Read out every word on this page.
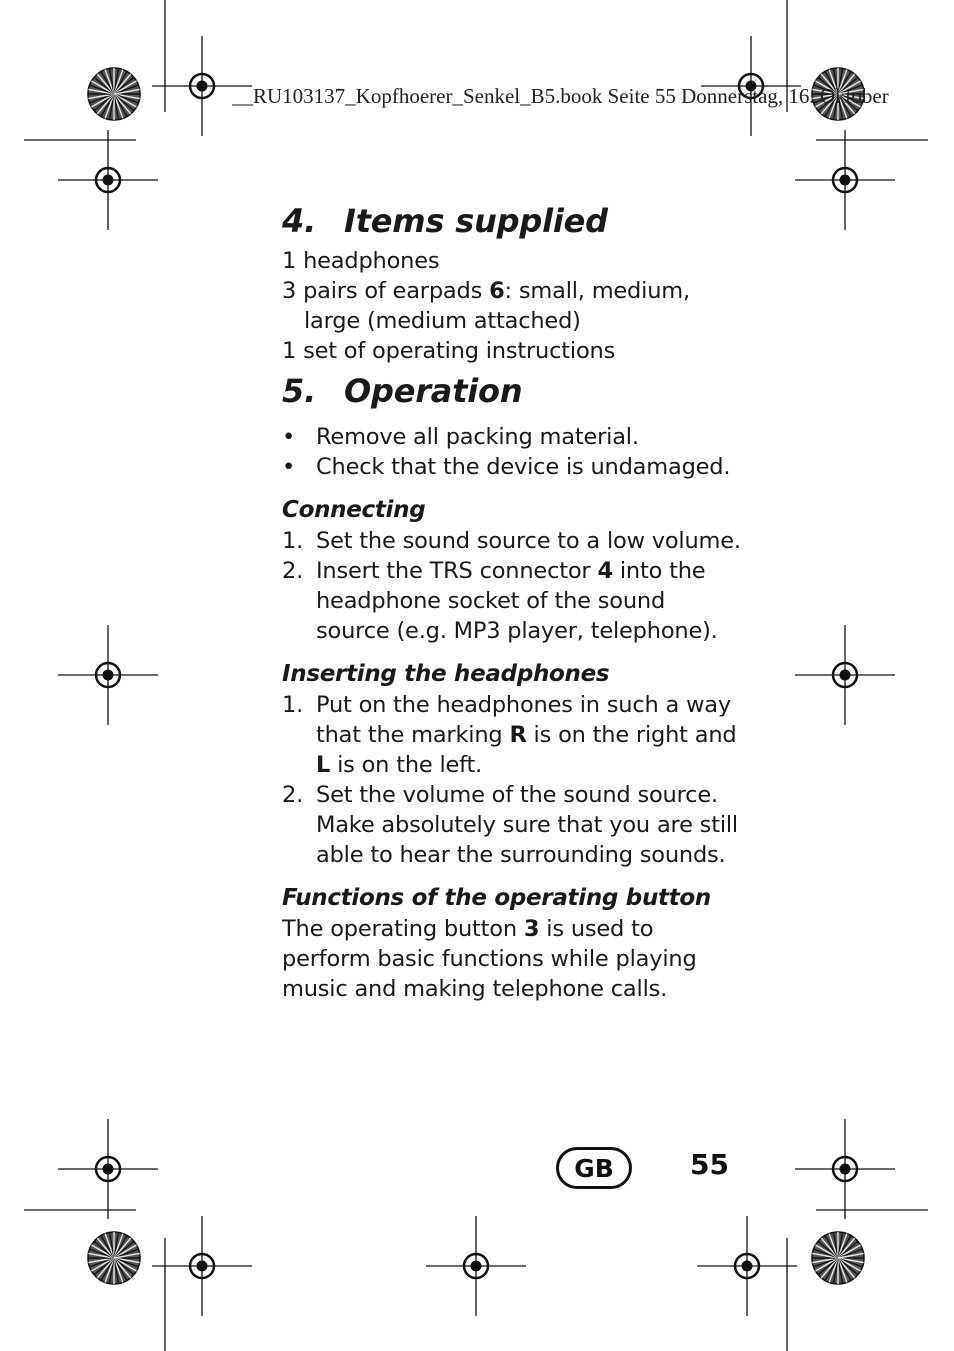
__RU103137_Kopfhoerer_Senkel_B5.book Seite 55 Donnerstag, 16. Oktober
4. Items supplied
1 headphones
3 pairs of earpads 6: small, medium,
large (medium attached)
1 set of operating instructions
5. Operation
• Remove all packing material.
• Check that the device is undamaged.
Connecting
1. Set the sound source to a low volume.
2. Insert the TRS connector 4 into the headphone socket of the sound source (e.g. MP3 player, telephone).
Inserting the headphones
1. Put on the headphones in such a way that the marking R is on the right and L is on the left.
2. Set the volume of the sound source. Make absolutely sure that you are still able to hear the surrounding sounds.
Functions of the operating button

The operating button 3 is used to perform basic functions while playing music and making telephone calls.

GB	55
